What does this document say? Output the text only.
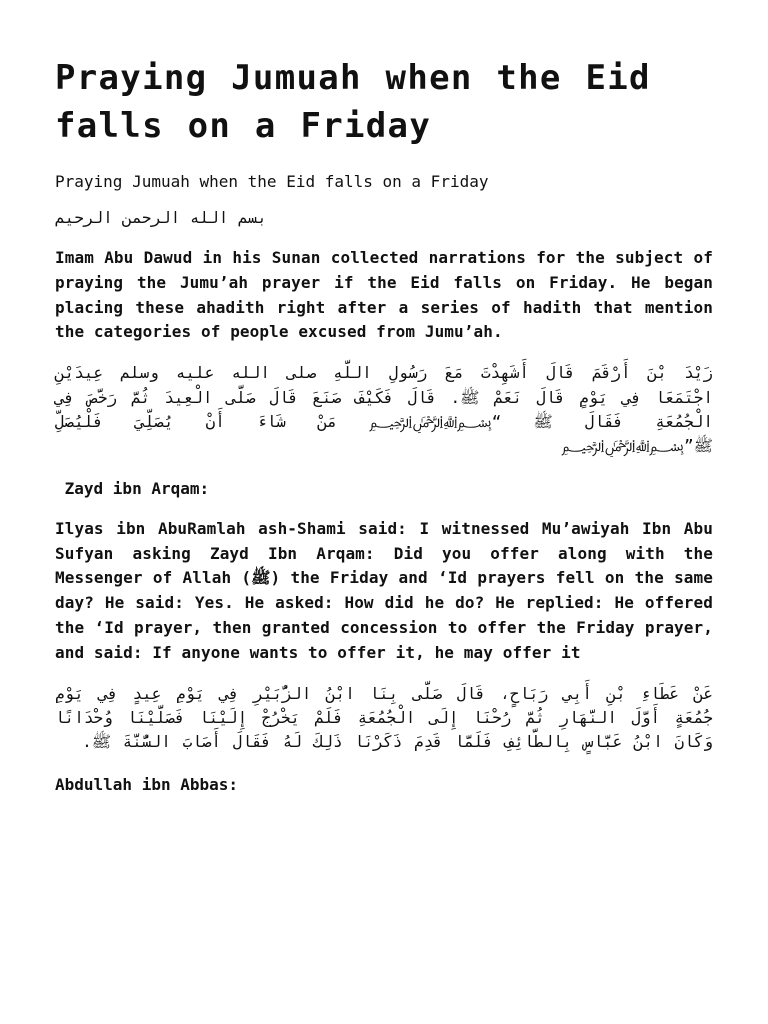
Praying Jumuah when the Eid falls on a Friday

Praying Jumuah when the Eid falls on a Friday

بسم الله الرحمن الرحيم

Imam Abu Dawud in his Sunan collected narrations for the subject of praying the Jumu’ah prayer if the Eid falls on Friday. He began placing these ahadith right after a series of hadith that mention the categories of people excused from Jumu’ah.

زَيْدَ بْنَ أَرْقَمَ قَالَ أَشَهِدْتَ مَعَ رَسُولِ اللَّهِ صلى الله عليه وسلم عِيدَيْنِ اجْتَمَعَا فِي يَوْمٍ قَالَ نَعَمْ ﷺ. قَالَ فَكَيْفَ صَنَعَ قَالَ صَلَّى الْعِيدَ ثُمَّ رَخَّصَ فِي الْجُمُعَةِ فَقَالَ ﷺ “﷽ مَنْ شَاءَ أَنْ يُصَلِّيَ فَلْيُصَلِّ ﷺ”﷽

Zayd ibn Arqam:

Ilyas ibn AbuRamlah ash-Shami said: I witnessed Mu’awiyah Ibn Abu Sufyan asking Zayd Ibn Arqam: Did you offer along with the Messenger of Allah (ﷺ) the Friday and ‘Id prayers fell on the same day? He said: Yes. He asked: How did he do? He replied: He offered the ‘Id prayer, then granted concession to offer the Friday prayer, and said: If anyone wants to offer it, he may offer it

عَنْ عَطَاءِ بْنِ أَبِي رَبَاحٍ، قَالَ صَلَّى بِنَا ابْنُ الزُّبَيْرِ فِي يَوْمِ عِيدٍ فِي يَوْمِ جُمُعَةٍ أَوَّلَ النَّهَارِ ثُمَّ رُحْنَا إِلَى الْجُمُعَةِ فَلَمْ يَخْرُجْ إِلَيْنَا فَصَلَّيْنَا وُحْدَانًا وَكَانَ ابْنُ عَبَّاسٍ بِالطَّائِفِ فَلَمَّا قَدِمَ ذَكَرْنَا ذَلِكَ لَهُ فَقَالَ أَصَابَ السُّنَّةَ ﷺ.

Abdullah ibn Abbas:
